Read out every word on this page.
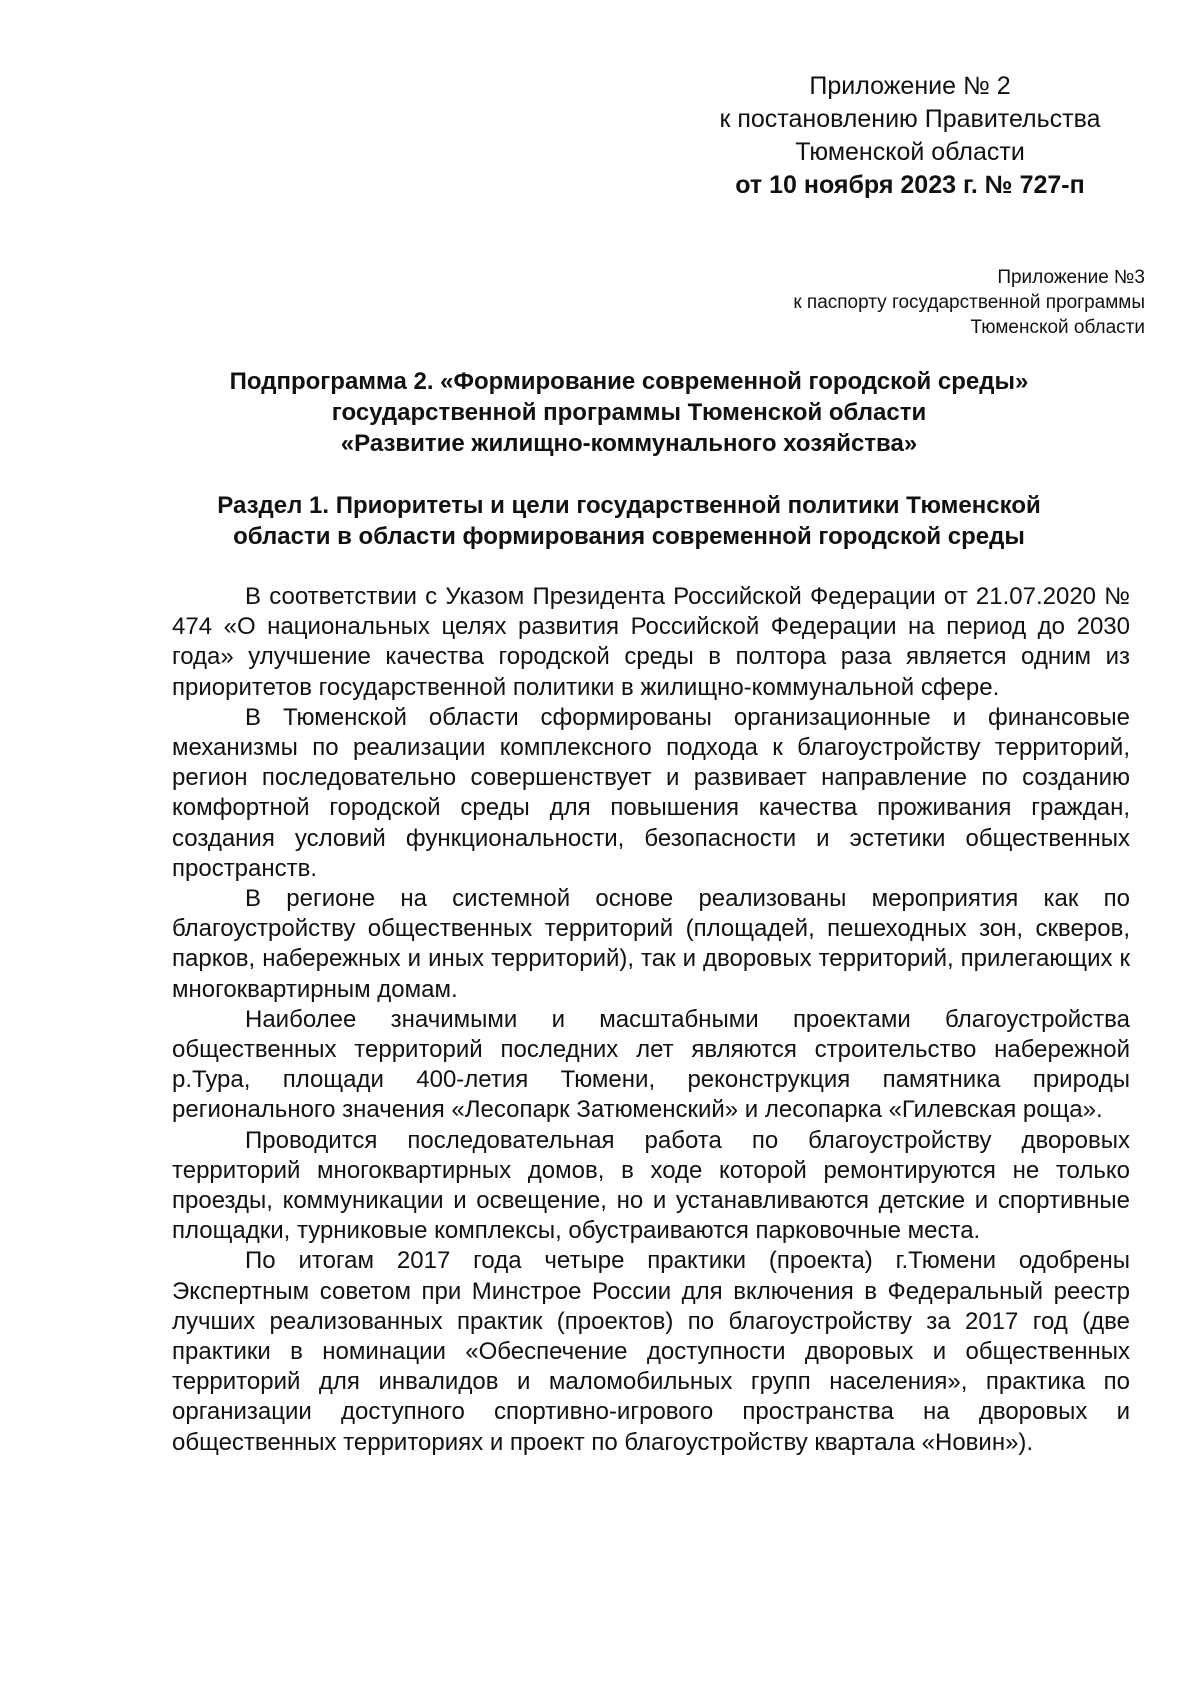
Приложение № 2
к постановлению Правительства
Тюменской области
от 10 ноября 2023 г. № 727-п
Приложение №3
к паспорту государственной программы
Тюменской области
Подпрограмма 2. «Формирование современной городской среды»
государственной программы Тюменской области
«Развитие жилищно-коммунального хозяйства»
Раздел 1. Приоритеты и цели государственной политики Тюменской
области в области формирования современной городской среды

В соответствии с Указом Президента Российской Федерации от 21.07.2020 № 474 «О национальных целях развития Российской Федерации на период до 2030 года» улучшение качества городской среды в полтора раза является одним из приоритетов государственной политики в жилищно-коммунальной сфере.

В Тюменской области сформированы организационные и финансовые механизмы по реализации комплексного подхода к благоустройству территорий, регион последовательно совершенствует и развивает направление по созданию комфортной городской среды для повышения качества проживания граждан, создания условий функциональности, безопасности и эстетики общественных пространств.

В регионе на системной основе реализованы мероприятия как по благоустройству общественных территорий (площадей, пешеходных зон, скверов, парков, набережных и иных территорий), так и дворовых территорий, прилегающих к многоквартирным домам.

Наиболее значимыми и масштабными проектами благоустройства общественных территорий последних лет являются строительство набережной р.Тура, площади 400-летия Тюмени, реконструкция памятника природы регионального значения «Лесопарк Затюменский» и лесопарка «Гилевская роща».

Проводится последовательная работа по благоустройству дворовых территорий многоквартирных домов, в ходе которой ремонтируются не только проезды, коммуникации и освещение, но и устанавливаются детские и спортивные площадки, турниковые комплексы, обустраиваются парковочные места.

По итогам 2017 года четыре практики (проекта) г.Тюмени одобрены Экспертным советом при Минстрое России для включения в Федеральный реестр лучших реализованных практик (проектов) по благоустройству за 2017 год (две практики в номинации «Обеспечение доступности дворовых и общественных территорий для инвалидов и маломобильных групп населения», практика по организации доступного спортивно-игрового пространства на дворовых и общественных территориях и проект по благоустройству квартала «Новин»).
